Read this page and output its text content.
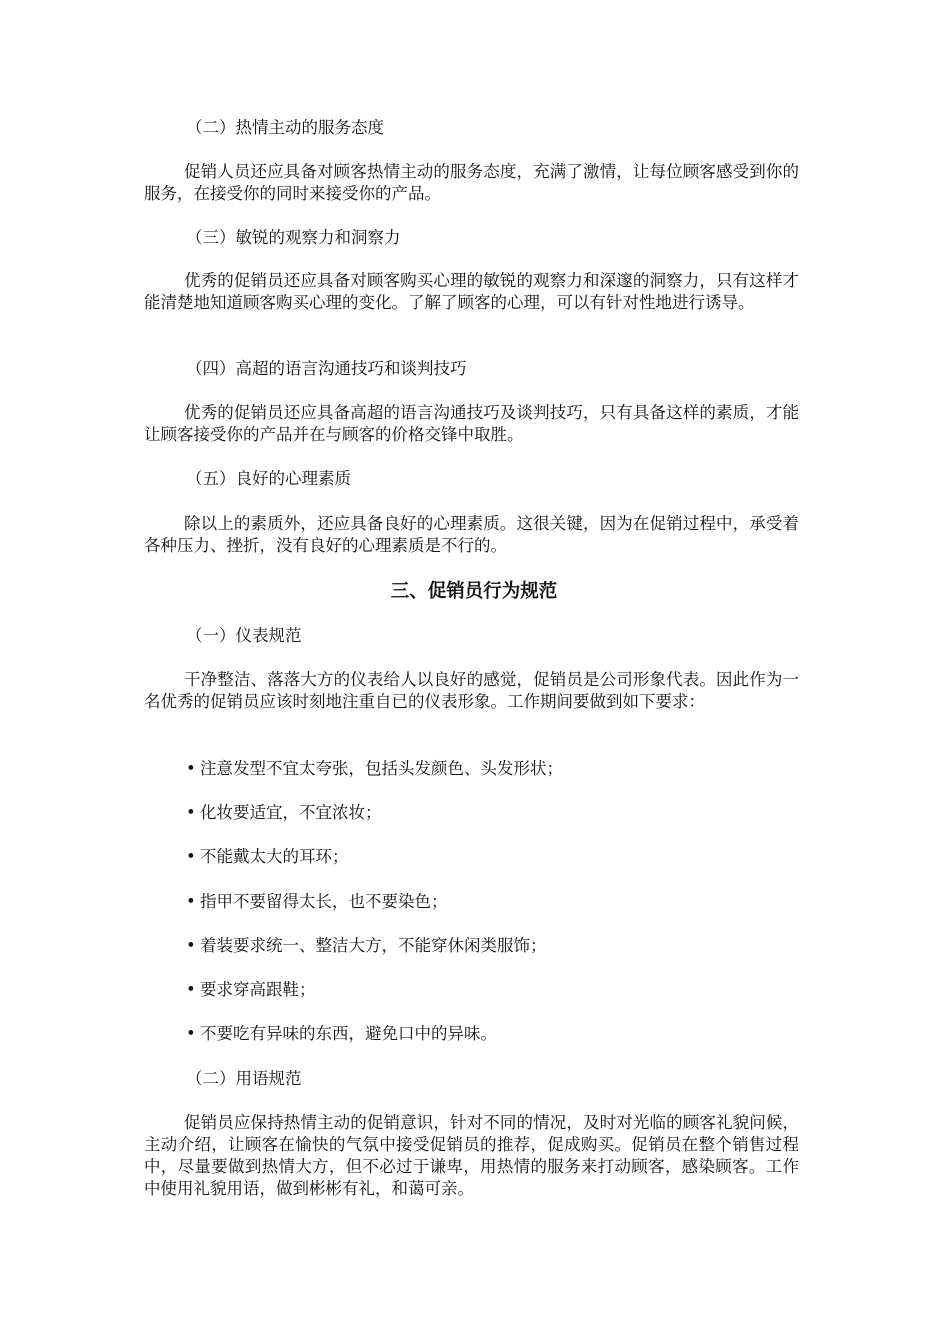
（二）热情主动的服务态度
促销人员还应具备对顾客热情主动的服务态度，充满了激情，让每位顾客感受到你的服务，在接受你的同时来接受你的产品。
（三）敏锐的观察力和洞察力
优秀的促销员还应具备对顾客购买心理的敏锐的观察力和深邃的洞察力，只有这样才能清楚地知道顾客购买心理的变化。了解了顾客的心理，可以有针对性地进行诱导。
（四）高超的语言沟通技巧和谈判技巧
优秀的促销员还应具备高超的语言沟通技巧及谈判技巧，只有具备这样的素质，才能让顾客接受你的产品并在与顾客的价格交锋中取胜。
（五）良好的心理素质
除以上的素质外，还应具备良好的心理素质。这很关键，因为在促销过程中，承受着各种压力、挫折，没有良好的心理素质是不行的。
三、促销员行为规范
（一）仪表规范
干净整洁、落落大方的仪表给人以良好的感觉，促销员是公司形象代表。因此作为一名优秀的促销员应该时刻地注重自已的仪表形象。工作期间要做到如下要求：
• 注意发型不宜太夸张，包括头发颜色、头发形状；
• 化妆要适宜，不宜浓妆；
• 不能戴太大的耳环；
• 指甲不要留得太长，也不要染色；
• 着装要求统一、整洁大方，不能穿休闲类服饰；
• 要求穿高跟鞋；
• 不要吃有异味的东西，避免口中的异味。
（二）用语规范
促销员应保持热情主动的促销意识，针对不同的情况，及时对光临的顾客礼貌问候，主动介绍，让顾客在愉快的气氛中接受促销员的推荐，促成购买。促销员在整个销售过程中，尽量要做到热情大方，但不必过于谦卑，用热情的服务来打动顾客，感染顾客。工作中使用礼貌用语，做到彬彬有礼，和蔼可亲。
